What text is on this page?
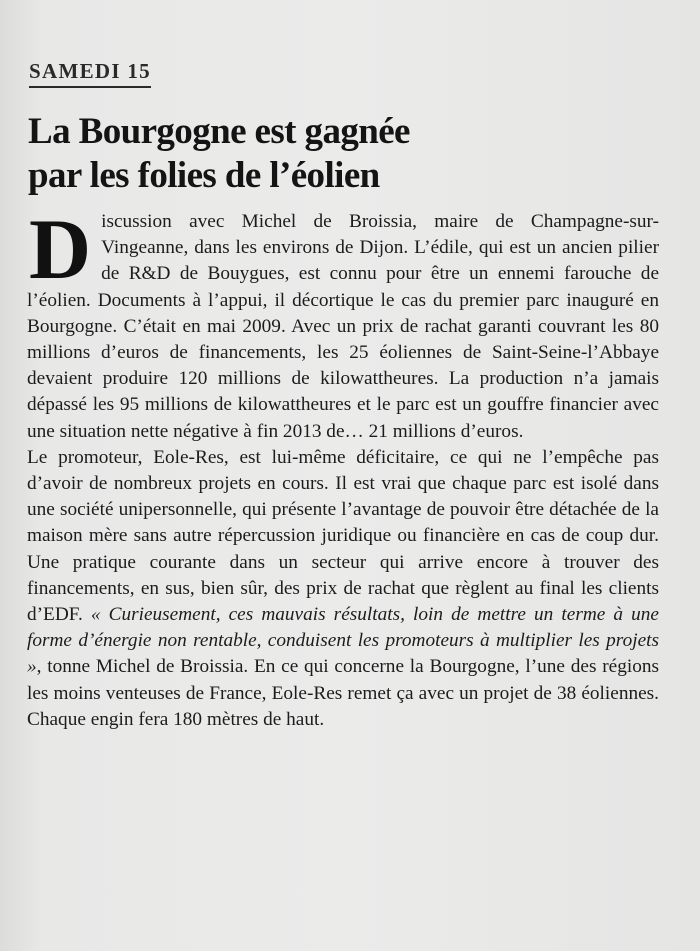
SAMEDI 15
La Bourgogne est gagnée
par les folies de l’éolien

Discussion avec Michel de Broissia, maire de Champagne-sur-Vingeanne, dans les environs de Dijon. L’édile, qui est un ancien pilier de R&D de Bouygues, est connu pour être un ennemi farouche de l’éolien. Documents à l’appui, il décortique le cas du premier parc inauguré en Bourgogne. C’était en mai 2009. Avec un prix de rachat garanti couvrant les 80 millions d’euros de financements, les 25 éoliennes de Saint-Seine-l’Abbaye devaient produire 120 millions de kilowattheures. La production n’a jamais dépassé les 95 millions de kilowattheures et le parc est un gouffre financier avec une situation nette négative à fin 2013 de… 21 millions d’euros.

Le promoteur, Eole-Res, est lui-même déficitaire, ce qui ne l’empêche pas d’avoir de nombreux projets en cours. Il est vrai que chaque parc est isolé dans une société unipersonnelle, qui présente l’avantage de pouvoir être détachée de la maison mère sans autre répercussion juridique ou financière en cas de coup dur. Une pratique courante dans un secteur qui arrive encore à trouver des financements, en sus, bien sûr, des prix de rachat que règlent au final les clients d’EDF. « Curieusement, ces mauvais résultats, loin de mettre un terme à une forme d’énergie non rentable, conduisent les promoteurs à multiplier les projets », tonne Michel de Broissia. En ce qui concerne la Bourgogne, l’une des régions les moins venteuses de France, Eole-Res remet ça avec un projet de 38 éoliennes. Chaque engin fera 180 mètres de haut.
